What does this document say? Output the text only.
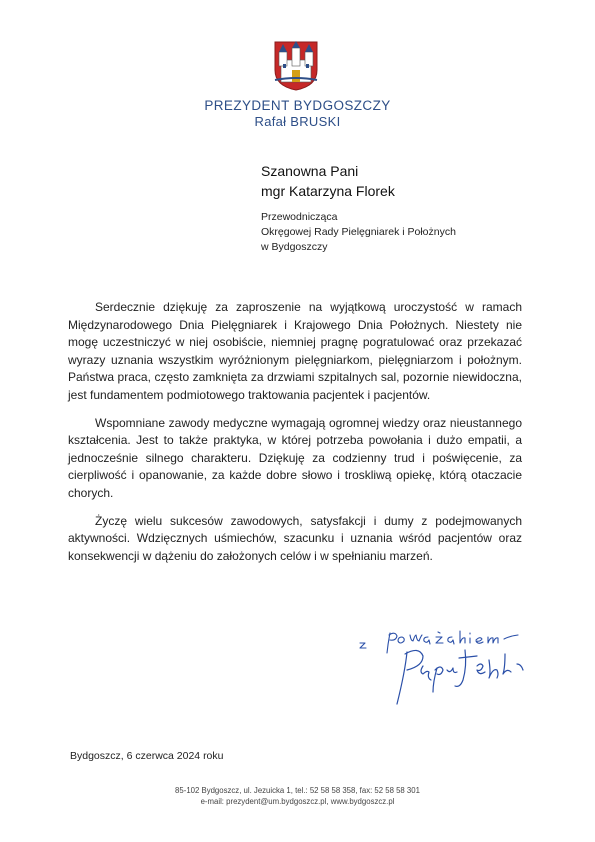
PREZYDENT BYDGOSZCZY
Rafał BRUSKI
Szanowna Pani
mgr Katarzyna Florek
Przewodnicząca
Okręgowej Rady Pielęgniarek i Położnych
w Bydgoszczy

Serdecznie dziękuję za zaproszenie na wyjątkową uroczystość w ramach Międzynarodowego Dnia Pielęgniarek i Krajowego Dnia Położnych. Niestety nie mogę uczestniczyć w niej osobiście, niemniej pragnę pogratulować oraz przekazać wyrazy uznania wszystkim wyróżnionym pielęgniarkom, pielęgniarzom i położnym. Państwa praca, często zamknięta za drzwiami szpitalnych sal, pozornie niewidoczna, jest fundamentem podmiotowego traktowania pacjentek i pacjentów.

Wspomniane zawody medyczne wymagają ogromnej wiedzy oraz nieustannego kształcenia. Jest to także praktyka, w której potrzeba powołania i dużo empatii, a jednocześnie silnego charakteru. Dziękuję za codzienny trud i poświęcenie, za cierpliwość i opanowanie, za każde dobre słowo i troskliwą opiekę, którą otaczacie chorych.

Życzę wielu sukcesów zawodowych, satysfakcji i dumy z podejmowanych aktywności. Wdzięcznych uśmiechów, szacunku i uznania wśród pacjentów oraz konsekwencji w dążeniu do założonych celów i w spełnianiu marzeń.

Bydgoszcz, 6 czerwca 2024 roku
85-102 Bydgoszcz, ul. Jezuicka 1, tel.: 52 58 58 358, fax: 52 58 58 301
e-mail: prezydent@um.bydgoszcz.pl, www.bydgoszcz.pl
